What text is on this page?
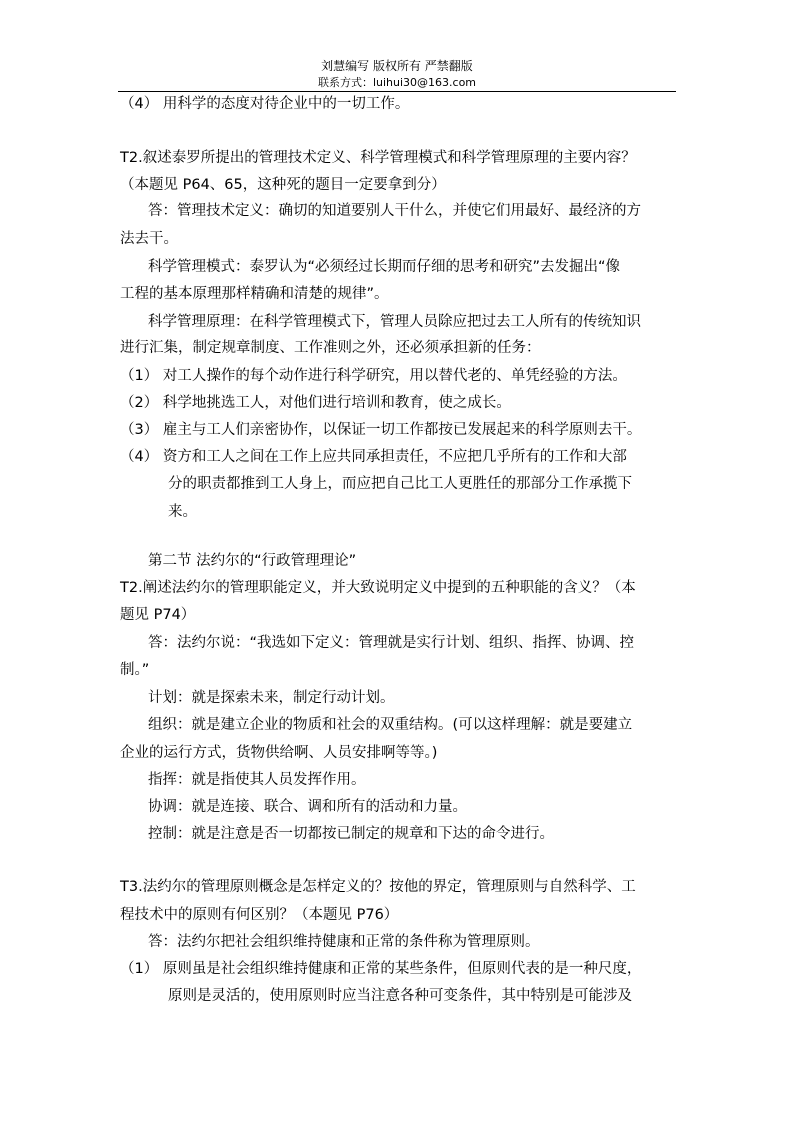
刘慧编写 版权所有 严禁翻版
联系方式：luihui30@163.com
（4） 用科学的态度对待企业中的一切工作。
T2.叙述泰罗所提出的管理技术定义、科学管理模式和科学管理原理的主要内容？
（本题见 P64、65，这种死的题目一定要拿到分）
答：管理技术定义：确切的知道要别人干什么，并使它们用最好、最经济的方
法去干。
科学管理模式：泰罗认为“必须经过长期而仔细的思考和研究”去发掘出“像
工程的基本原理那样精确和清楚的规律”。
科学管理原理：在科学管理模式下，管理人员除应把过去工人所有的传统知识
进行汇集，制定规章制度、工作准则之外，还必须承担新的任务：
（1） 对工人操作的每个动作进行科学研究，用以替代老的、单凭经验的方法。
（2） 科学地挑选工人，对他们进行培训和教育，使之成长。
（3） 雇主与工人们亲密协作，以保证一切工作都按已发展起来的科学原则去干。
（4） 资方和工人之间在工作上应共同承担责任，不应把几乎所有的工作和大部
分的职责都推到工人身上，而应把自己比工人更胜任的那部分工作承揽下
来。
第二节 法约尔的“行政管理理论”
T2.阐述法约尔的管理职能定义，并大致说明定义中提到的五种职能的含义？（本
题见 P74）
答：法约尔说：“我选如下定义：管理就是实行计划、组织、指挥、协调、控
制。”
计划：就是探索未来，制定行动计划。
组织：就是建立企业的物质和社会的双重结构。(可以这样理解：就是要建立
企业的运行方式，货物供给啊、人员安排啊等等。)
指挥：就是指使其人员发挥作用。
协调：就是连接、联合、调和所有的活动和力量。
控制：就是注意是否一切都按已制定的规章和下达的命令进行。
T3.法约尔的管理原则概念是怎样定义的？按他的界定，管理原则与自然科学、工
程技术中的原则有何区别？（本题见 P76）
答：法约尔把社会组织维持健康和正常的条件称为管理原则。
（1） 原则虽是社会组织维持健康和正常的某些条件，但原则代表的是一种尺度，
原则是灵活的，使用原则时应当注意各种可变条件，其中特别是可能涉及
